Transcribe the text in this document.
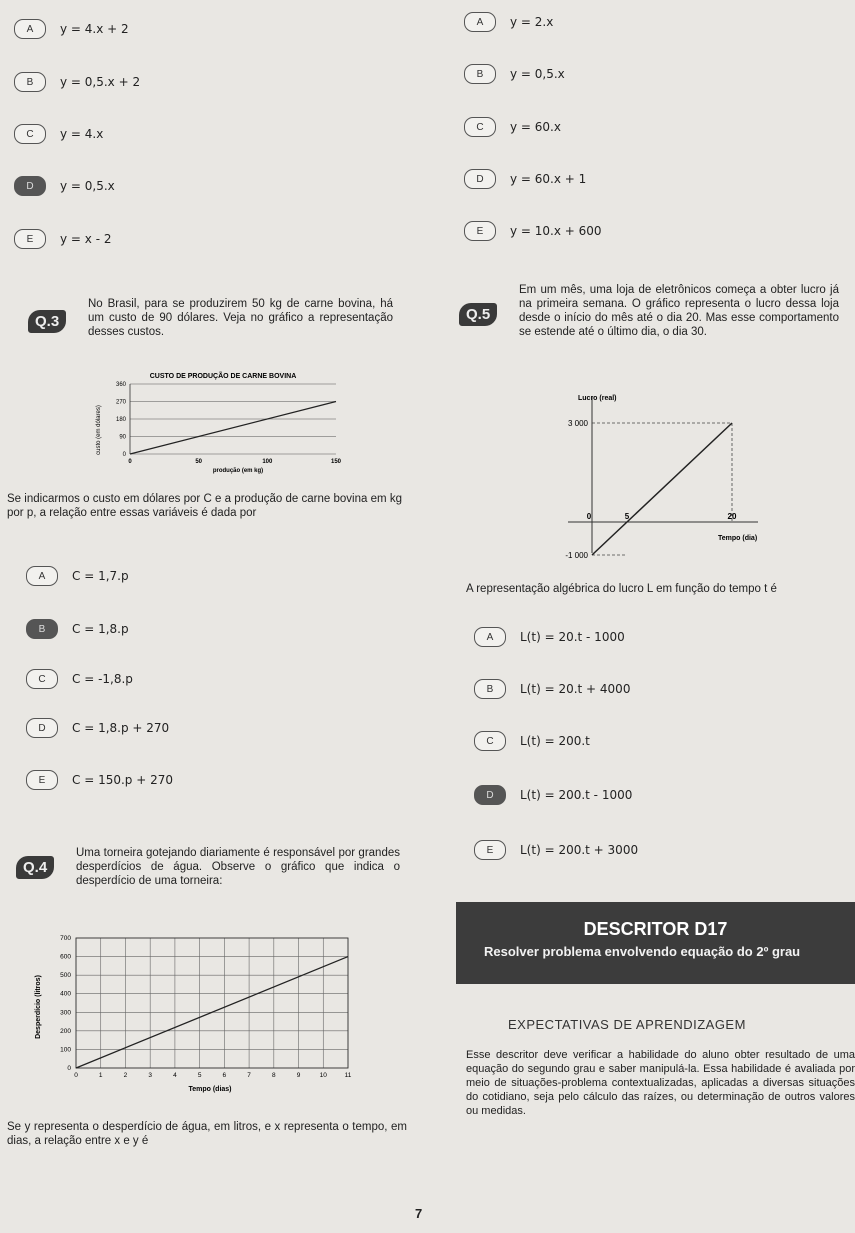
A	y = 4.x + 2
B	y = 0,5.x + 2
C	y = 4.x
D	y = 0,5.x
E	y = x - 2
A	y = 2.x
B	y = 0,5.x
C	y = 60.x
D	y = 60.x + 1
E	y = 10.x + 600
Q.3
No Brasil, para se produzirem 50 kg de carne bovina, há um custo de 90 dólares. Veja no gráfico a representação desses custos.
CUSTO DE PRODUÇÃO DE CARNE BOVINA
custo (em dólares)
0
90
180
270
360
0	50	100	150
produção (em kg)
Se indicarmos o custo em dólares por C e a produção de carne bovina em kg por p, a relação entre essas variáveis é dada por
A	C = 1,7.p
B	C = 1,8.p
C	C = -1,8.p
D	C = 1,8.p + 270
E	C = 150.p + 270
Q.5
Em um mês, uma loja de eletrônicos começa a obter lucro já na primeira semana. O gráfico representa o lucro dessa loja desde o início do mês até o dia 20. Mas esse comportamento se estende até o último dia, o dia 30.
Lucro (real)
Tempo (dia)
3 000
-1 000
0	5	20
A representação algébrica do lucro L em função do tempo t é
A	L(t) = 20.t - 1000
B	L(t) = 20.t + 4000
C	L(t) = 200.t
D	L(t) = 200.t - 1000
E	L(t) = 200.t + 3000
Q.4
Uma torneira gotejando diariamente é responsável por grandes desperdícios de água. Observe o gráfico que indica o desperdício de uma torneira:
Desperdício (litros)
0
100
200
300
400
500
600
700
0	1	2	3	4	5	6	7	8	9	10	11
Tempo (dias)
Se y representa o desperdício de água, em litros, e x representa o tempo, em dias, a relação entre x e y é
DESCRITOR D17
Resolver problema envolvendo equação do 2º grau
EXPECTATIVAS DE APRENDIZAGEM
Esse descritor deve verificar a habilidade do aluno obter resultado de uma equação do segundo grau e saber manipulá-la. Essa habilidade é avaliada por meio de situações-problema contextualizadas, aplicadas a diversas situações do cotidiano, seja pelo cálculo das raízes, ou determinação de outros valores ou medidas.
7
